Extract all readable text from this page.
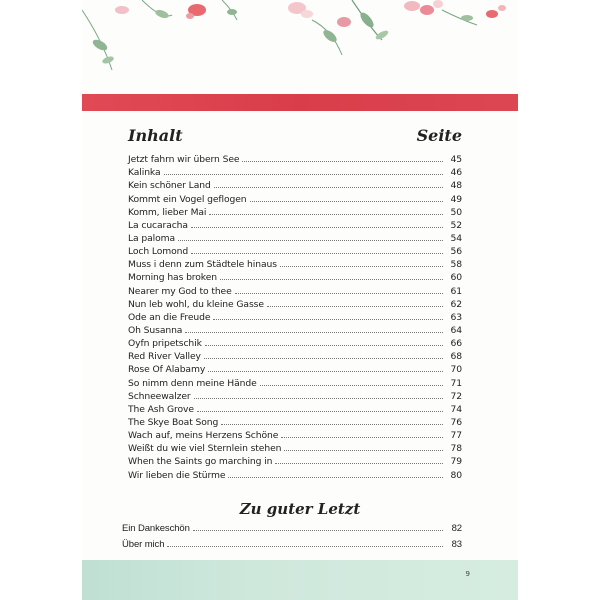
Inhalt	Seite
Jetzt fahrn wir übern See	45
Kalinka	46
Kein schöner Land	48
Kommt ein Vogel geflogen	49
Komm, lieber Mai	50
La cucaracha	52
La paloma	54
Loch Lomond	56
Muss i denn zum Städtele hinaus	58
Morning has broken	60
Nearer my God to thee	61
Nun leb wohl, du kleine Gasse	62
Ode an die Freude	63
Oh Susanna	64
Oyfn pripetschik	66
Red River Valley	68
Rose Of Alabamy	70
So nimm denn meine Hände	71
Schneewalzer	72
The Ash Grove	74
The Skye Boat Song	76
Wach auf, meins Herzens Schöne	77
Weißt du wie viel Sternlein stehen	78
When the Saints go marching in	79
Wir lieben die Stürme	80
Zu guter Letzt
Ein Dankeschön	82
Über mich	83
9
